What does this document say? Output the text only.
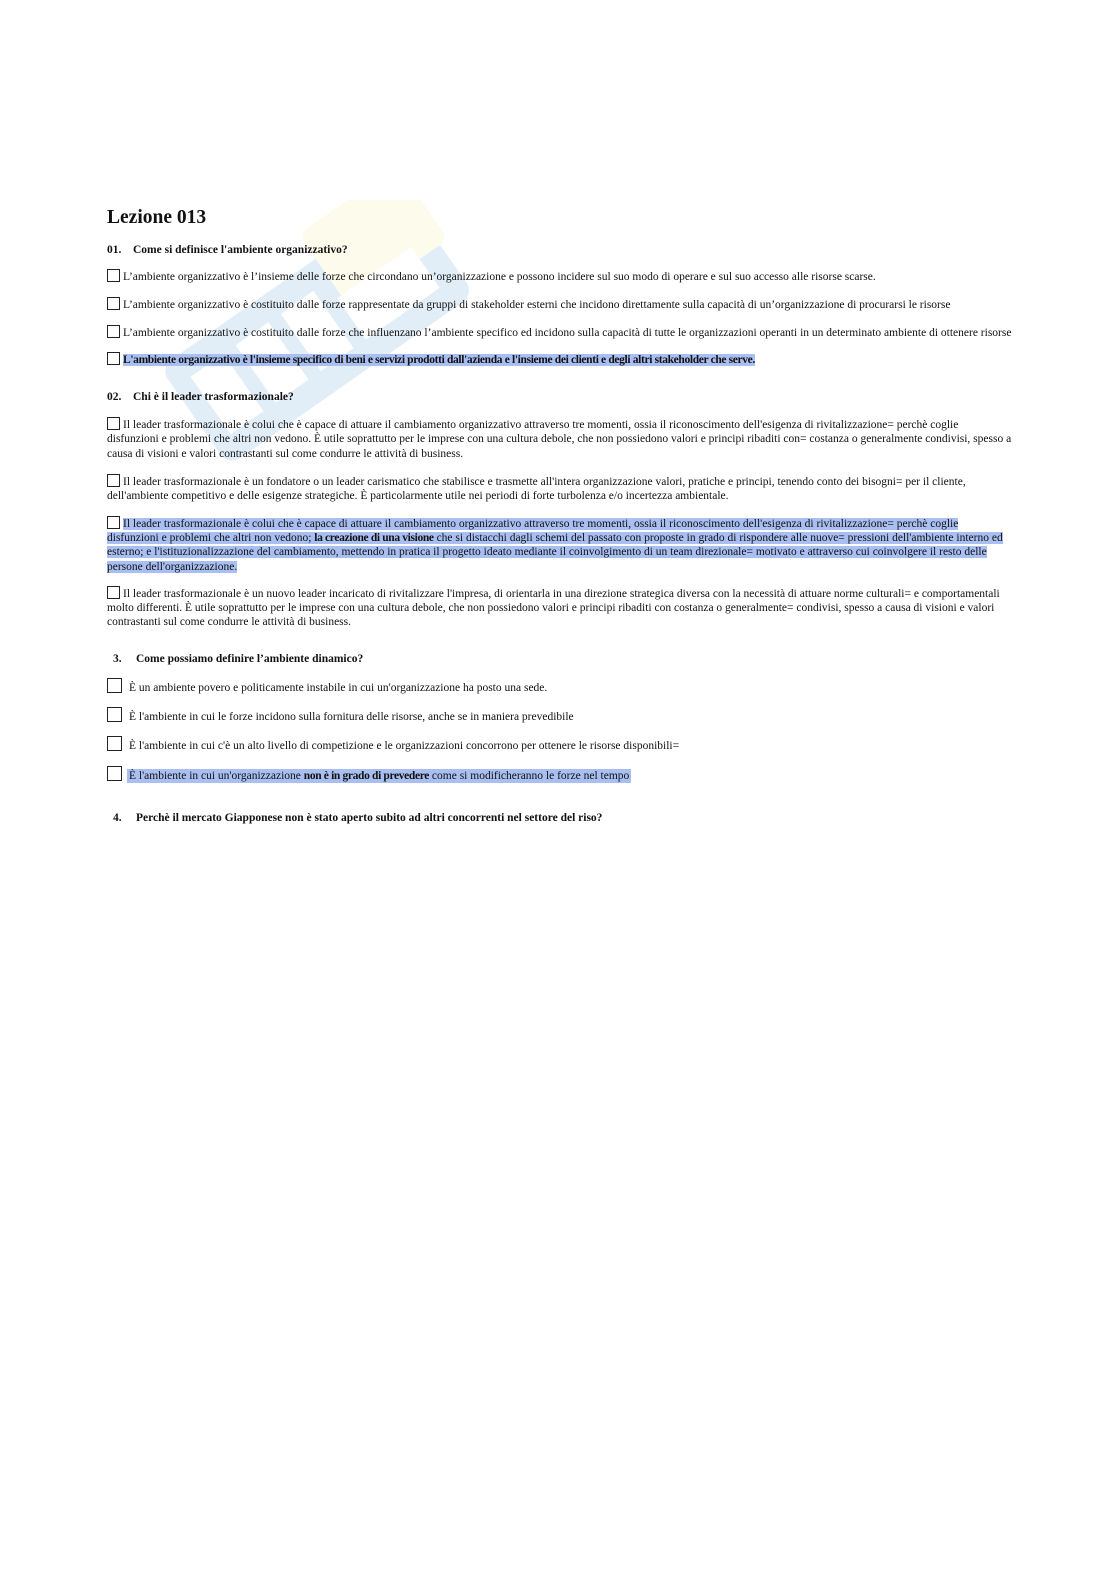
Lezione 013
01. Come si definisce l'ambiente organizzativo?
L’ambiente organizzativo è l’insieme delle forze che circondano un’organizzazione e possono incidere sul suo modo di operare e sul suo accesso alle risorse scarse.
L’ambiente organizzativo è costituito dalle forze rappresentate da gruppi di stakeholder esterni che incidono direttamente sulla capacità di un’organizzazione di procurarsi le risorse
L’ambiente organizzativo è costituito dalle forze che influenzano l’ambiente specifico ed incidono sulla capacità di tutte le organizzazioni operanti in un determinato ambiente di ottenere risorse
L'ambiente organizzativo è l'insieme specifico di beni e servizi prodotti dall'azienda e l'insieme dei clienti e degli altri stakeholder che serve.
02. Chi è il leader trasformazionale?
Il leader trasformazionale è colui che è capace di attuare il cambiamento organizzativo attraverso tre momenti, ossia il riconoscimento dell'esigenza di rivitalizzazione= perchè coglie disfunzioni e problemi che altri non vedono. È utile soprattutto per le imprese con una cultura debole, che non possiedono valori e principi ribaditi con= costanza o generalmente condivisi, spesso a causa di visioni e valori contrastanti sul come condurre le attività di business.
Il leader trasformazionale è un fondatore o un leader carismatico che stabilisce e trasmette all'intera organizzazione valori, pratiche e principi, tenendo conto dei bisogni= per il cliente, dell'ambiente competitivo e delle esigenze strategiche. È particolarmente utile nei periodi di forte turbolenza e/o incertezza ambientale.
Il leader trasformazionale è colui che è capace di attuare il cambiamento organizzativo attraverso tre momenti, ossia il riconoscimento dell'esigenza di rivitalizzazione= perchè coglie disfunzioni e problemi che altri non vedono; la creazione di una visione che si distacchi dagli schemi del passato con proposte in grado di rispondere alle nuove= pressioni dell'ambiente interno ed esterno; e l'istituzionalizzazione del cambiamento, mettendo in pratica il progetto ideato mediante il coinvolgimento di un team direzionale= motivato e attraverso cui coinvolgere il resto delle persone dell'organizzazione.
Il leader trasformazionale è un nuovo leader incaricato di rivitalizzare l'impresa, di orientarla in una direzione strategica diversa con la necessità di attuare norme culturali= e comportamentali molto differenti. È utile soprattutto per le imprese con una cultura debole, che non possiedono valori e principi ribaditi con costanza o generalmente= condivisi, spesso a causa di visioni e valori contrastanti sul come condurre le attività di business.
3. Come possiamo definire l’ambiente dinamico?
È un ambiente povero e politicamente instabile in cui un'organizzazione ha posto una sede.
È l'ambiente in cui le forze incidono sulla fornitura delle risorse, anche se in maniera prevedibile
È l'ambiente in cui c'è un alto livello di competizione e le organizzazioni concorrono per ottenere le risorse disponibili=
È l'ambiente in cui un'organizzazione non è in grado di prevedere come si modificheranno le forze nel tempo
4. Perchè il mercato Giapponese non è stato aperto subito ad altri concorrenti nel settore del riso?
